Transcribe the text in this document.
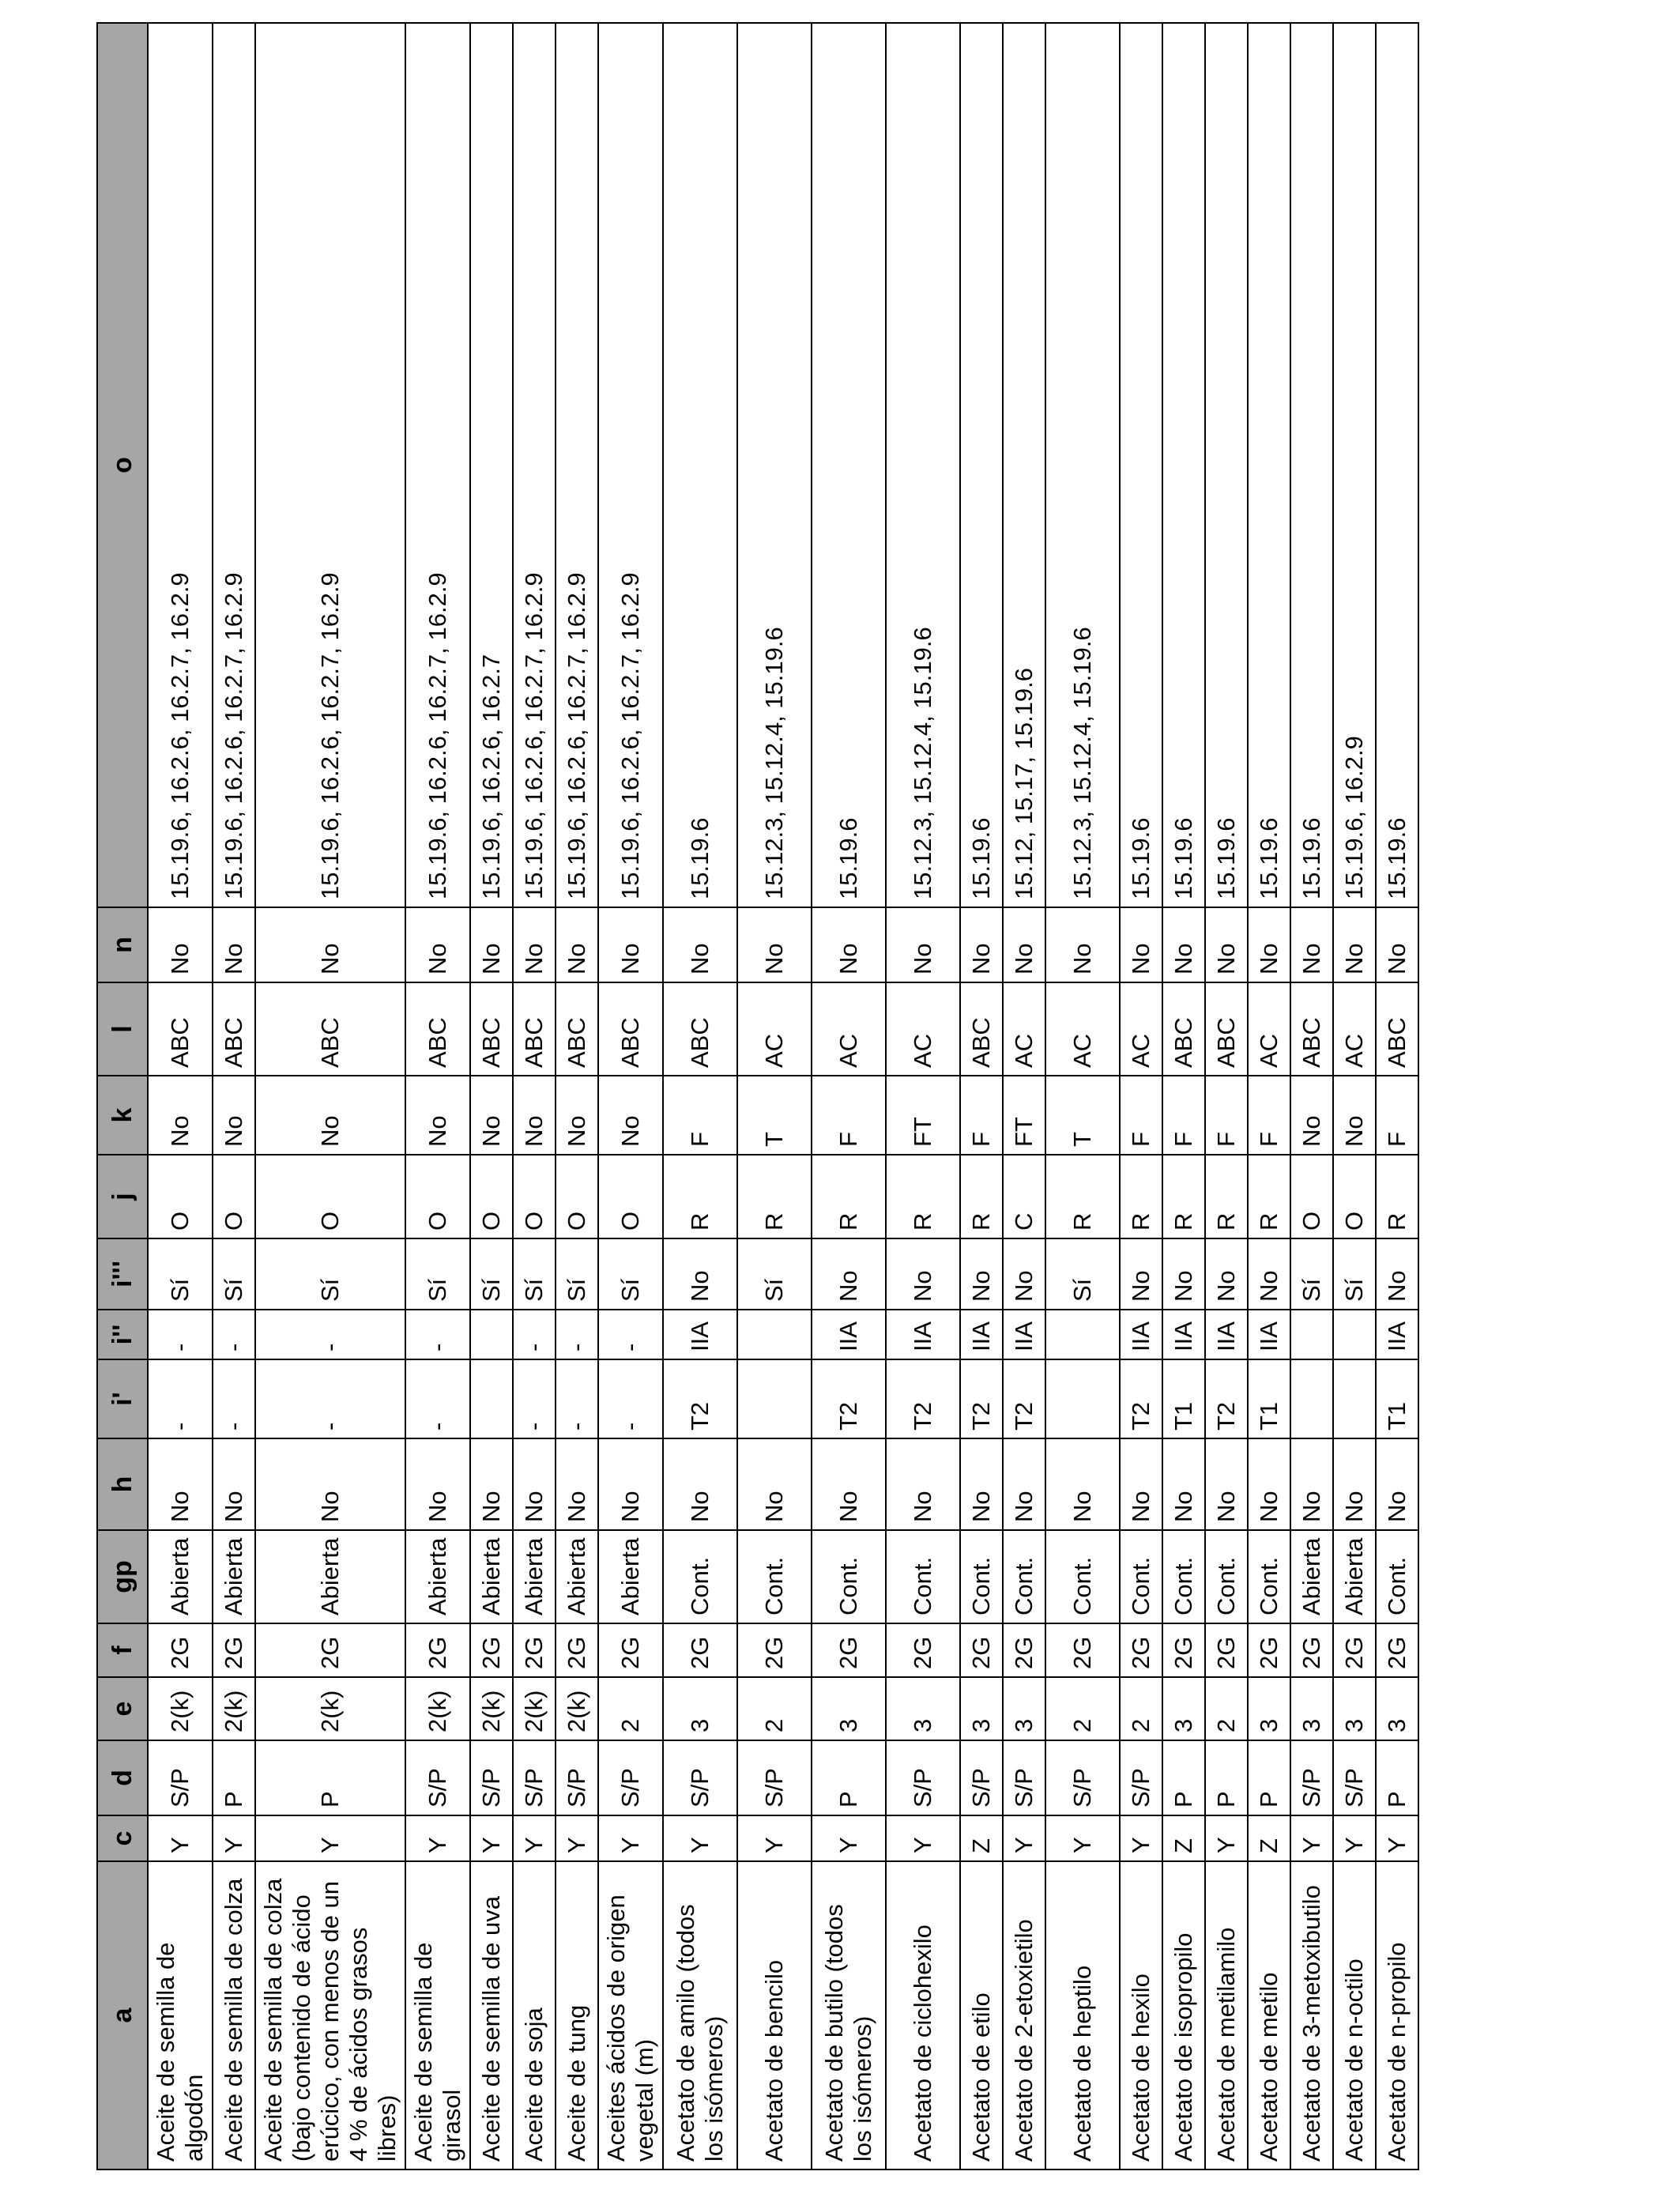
a	c	d	e	f	gp	h	i'	i''	i'''	j	k	l	n	o
Aceite de semilla de algodón	Y	S/P	2(k)	2G	Abierta	No	-	-	Sí	O	No	ABC	No	15.19.6, 16.2.6, 16.2.7, 16.2.9
Aceite de semilla de colza	Y	P	2(k)	2G	Abierta	No	-	-	Sí	O	No	ABC	No	15.19.6, 16.2.6, 16.2.7, 16.2.9
Aceite de semilla de colza (bajo contenido de ácido erúcico, con menos de un 4 % de ácidos grasos libres)	Y	P	2(k)	2G	Abierta	No	-	-	Sí	O	No	ABC	No	15.19.6, 16.2.6, 16.2.7, 16.2.9
Aceite de semilla de girasol	Y	S/P	2(k)	2G	Abierta	No	-	-	Sí	O	No	ABC	No	15.19.6, 16.2.6, 16.2.7, 16.2.9
Aceite de semilla de uva	Y	S/P	2(k)	2G	Abierta	No			Sí	O	No	ABC	No	15.19.6, 16.2.6, 16.2.7
Aceite de soja	Y	S/P	2(k)	2G	Abierta	No	-	-	Sí	O	No	ABC	No	15.19.6, 16.2.6, 16.2.7, 16.2.9
Aceite de tung	Y	S/P	2(k)	2G	Abierta	No	-	-	Sí	O	No	ABC	No	15.19.6, 16.2.6, 16.2.7, 16.2.9
Aceites ácidos de origen vegetal (m)	Y	S/P	2	2G	Abierta	No	-	-	Sí	O	No	ABC	No	15.19.6, 16.2.6, 16.2.7, 16.2.9
Acetato de amilo (todos los isómeros)	Y	S/P	3	2G	Cont.	No	T2	IIA	No	R	F	ABC	No	15.19.6
Acetato de bencilo	Y	S/P	2	2G	Cont.	No			Sí	R	T	AC	No	15.12.3, 15.12.4, 15.19.6
Acetato de butilo (todos los isómeros)	Y	P	3	2G	Cont.	No	T2	IIA	No	R	F	AC	No	15.19.6
Acetato de ciclohexilo	Y	S/P	3	2G	Cont.	No	T2	IIA	No	R	FT	AC	No	15.12.3, 15.12.4, 15.19.6
Acetato de etilo	Z	S/P	3	2G	Cont.	No	T2	IIA	No	R	F	ABC	No	15.19.6
Acetato de 2-etoxietilo	Y	S/P	3	2G	Cont.	No	T2	IIA	No	C	FT	AC	No	15.12, 15.17, 15.19.6
Acetato de heptilo	Y	S/P	2	2G	Cont.	No			Sí	R	T	AC	No	15.12.3, 15.12.4, 15.19.6
Acetato de hexilo	Y	S/P	2	2G	Cont.	No	T2	IIA	No	R	F	AC	No	15.19.6
Acetato de isopropilo	Z	P	3	2G	Cont.	No	T1	IIA	No	R	F	ABC	No	15.19.6
Acetato de metilamilo	Y	P	2	2G	Cont.	No	T2	IIA	No	R	F	ABC	No	15.19.6
Acetato de metilo	Z	P	3	2G	Cont.	No	T1	IIA	No	R	F	AC	No	15.19.6
Acetato de 3-metoxibutilo	Y	S/P	3	2G	Abierta	No			Sí	O	No	ABC	No	15.19.6
Acetato de n-octilo	Y	S/P	3	2G	Abierta	No			Sí	O	No	AC	No	15.19.6, 16.2.9
Acetato de n-propilo	Y	P	3	2G	Cont.	No	T1	IIA	No	R	F	ABC	No	15.19.6
